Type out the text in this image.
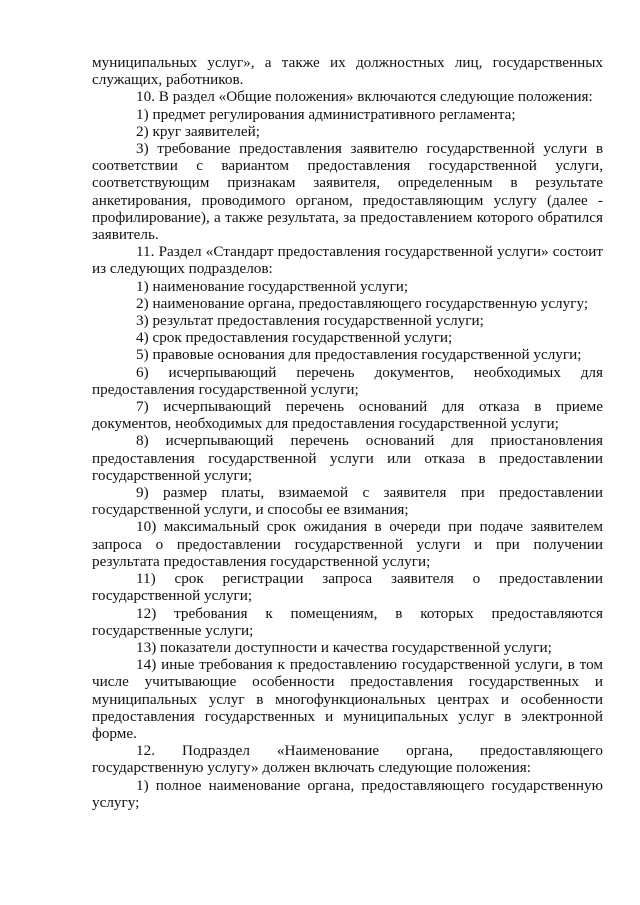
муниципальных услуг», а также их должностных лиц, государственных служащих, работников.

10. В раздел «Общие положения» включаются следующие положения:

1) предмет регулирования административного регламента;

2) круг заявителей;

3) требование предоставления заявителю государственной услуги в соответствии с вариантом предоставления государственной услуги, соответствующим признакам заявителя, определенным в результате анкетирования, проводимого органом, предоставляющим услугу (далее - профилирование), а также результата, за предоставлением которого обратился заявитель.

11. Раздел «Стандарт предоставления государственной услуги» состоит из следующих подразделов:

1) наименование государственной услуги;

2) наименование органа, предоставляющего государственную услугу;

3) результат предоставления государственной услуги;

4) срок предоставления государственной услуги;

5) правовые основания для предоставления государственной услуги;

6) исчерпывающий перечень документов, необходимых для предоставления государственной услуги;

7) исчерпывающий перечень оснований для отказа в приеме документов, необходимых для предоставления государственной услуги;

8) исчерпывающий перечень оснований для приостановления предоставления государственной услуги или отказа в предоставлении государственной услуги;

9) размер платы, взимаемой с заявителя при предоставлении государственной услуги, и способы ее взимания;

10) максимальный срок ожидания в очереди при подаче заявителем запроса о предоставлении государственной услуги и при получении результата предоставления государственной услуги;

11) срок регистрации запроса заявителя о предоставлении государственной услуги;

12) требования к помещениям, в которых предоставляются государственные услуги;

13) показатели доступности и качества государственной услуги;

14) иные требования к предоставлению государственной услуги, в том числе учитывающие особенности предоставления государственных и муниципальных услуг в многофункциональных центрах и особенности предоставления государственных и муниципальных услуг в электронной форме.

12. Подраздел «Наименование органа, предоставляющего государственную услугу» должен включать следующие положения:

1) полное наименование органа, предоставляющего государственную услугу;
